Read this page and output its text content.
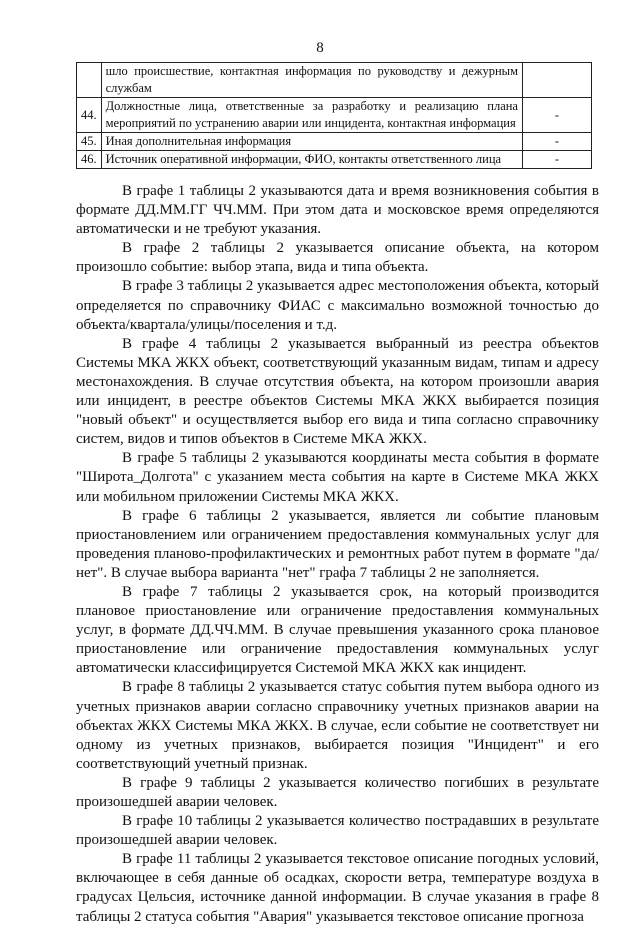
8
	шло происшествие, контактная информация по руководству и дежурным службам	
44.	Должностные лица, ответственные за разработку и реализацию плана мероприятий по устранению аварии или инцидента, контактная информация	-
45.	Иная дополнительная информация	-
46.	Источник оперативной информации, ФИО, контакты ответственного лица	-

В графе 1 таблицы 2 указываются дата и время возникновения события в формате ДД.ММ.ГГ ЧЧ.ММ. При этом дата и московское время определяются автоматически и не требуют указания.

В графе 2 таблицы 2 указывается описание объекта, на котором произошло событие: выбор этапа, вида и типа объекта.

В графе 3 таблицы 2 указывается адрес местоположения объекта, который определяется по справочнику ФИАС с максимально возможной точностью до объекта/квартала/улицы/поселения и т.д.

В графе 4 таблицы 2 указывается выбранный из реестра объектов Системы МКА ЖКХ объект, соответствующий указанным видам, типам и адресу местонахождения. В случае отсутствия объекта, на котором произошли авария или инцидент, в реестре объектов Системы МКА ЖКХ выбирается позиция "новый объект" и осуществляется выбор его вида и типа согласно справочнику систем, видов и типов объектов в Системе МКА ЖКХ.

В графе 5 таблицы 2 указываются координаты места события в формате "Широта_Долгота" с указанием места события на карте в Системе МКА ЖКХ или мобильном приложении Системы МКА ЖКХ.

В графе 6 таблицы 2 указывается, является ли событие плановым приостановлением или ограничением предоставления коммунальных услуг для проведения планово-профилактических и ремонтных работ путем в формате "да/нет". В случае выбора варианта "нет" графа 7 таблицы 2 не заполняется.

В графе 7 таблицы 2 указывается срок, на который производится плановое приостановление или ограничение предоставления коммунальных услуг, в формате ДД.ЧЧ.ММ. В случае превышения указанного срока плановое приостановление или ограничение предоставления коммунальных услуг автоматически классифицируется Системой МКА ЖКХ как инцидент.

В графе 8 таблицы 2 указывается статус события путем выбора одного из учетных признаков аварии согласно справочнику учетных признаков аварии на объектах ЖКХ Системы МКА ЖКХ. В случае, если событие не соответствует ни одному из учетных признаков, выбирается позиция "Инцидент" и его соответствующий учетный признак.

В графе 9 таблицы 2 указывается количество погибших в результате произошедшей аварии человек.

В графе 10 таблицы 2 указывается количество пострадавших в результате произошедшей аварии человек.

В графе 11 таблицы 2 указывается текстовое описание погодных условий, включающее в себя данные об осадках, скорости ветра, температуре воздуха в градусах Цельсия, источнике данной информации. В случае указания в графе 8 таблицы 2 статуса события "Авария" указывается текстовое описание прогноза
